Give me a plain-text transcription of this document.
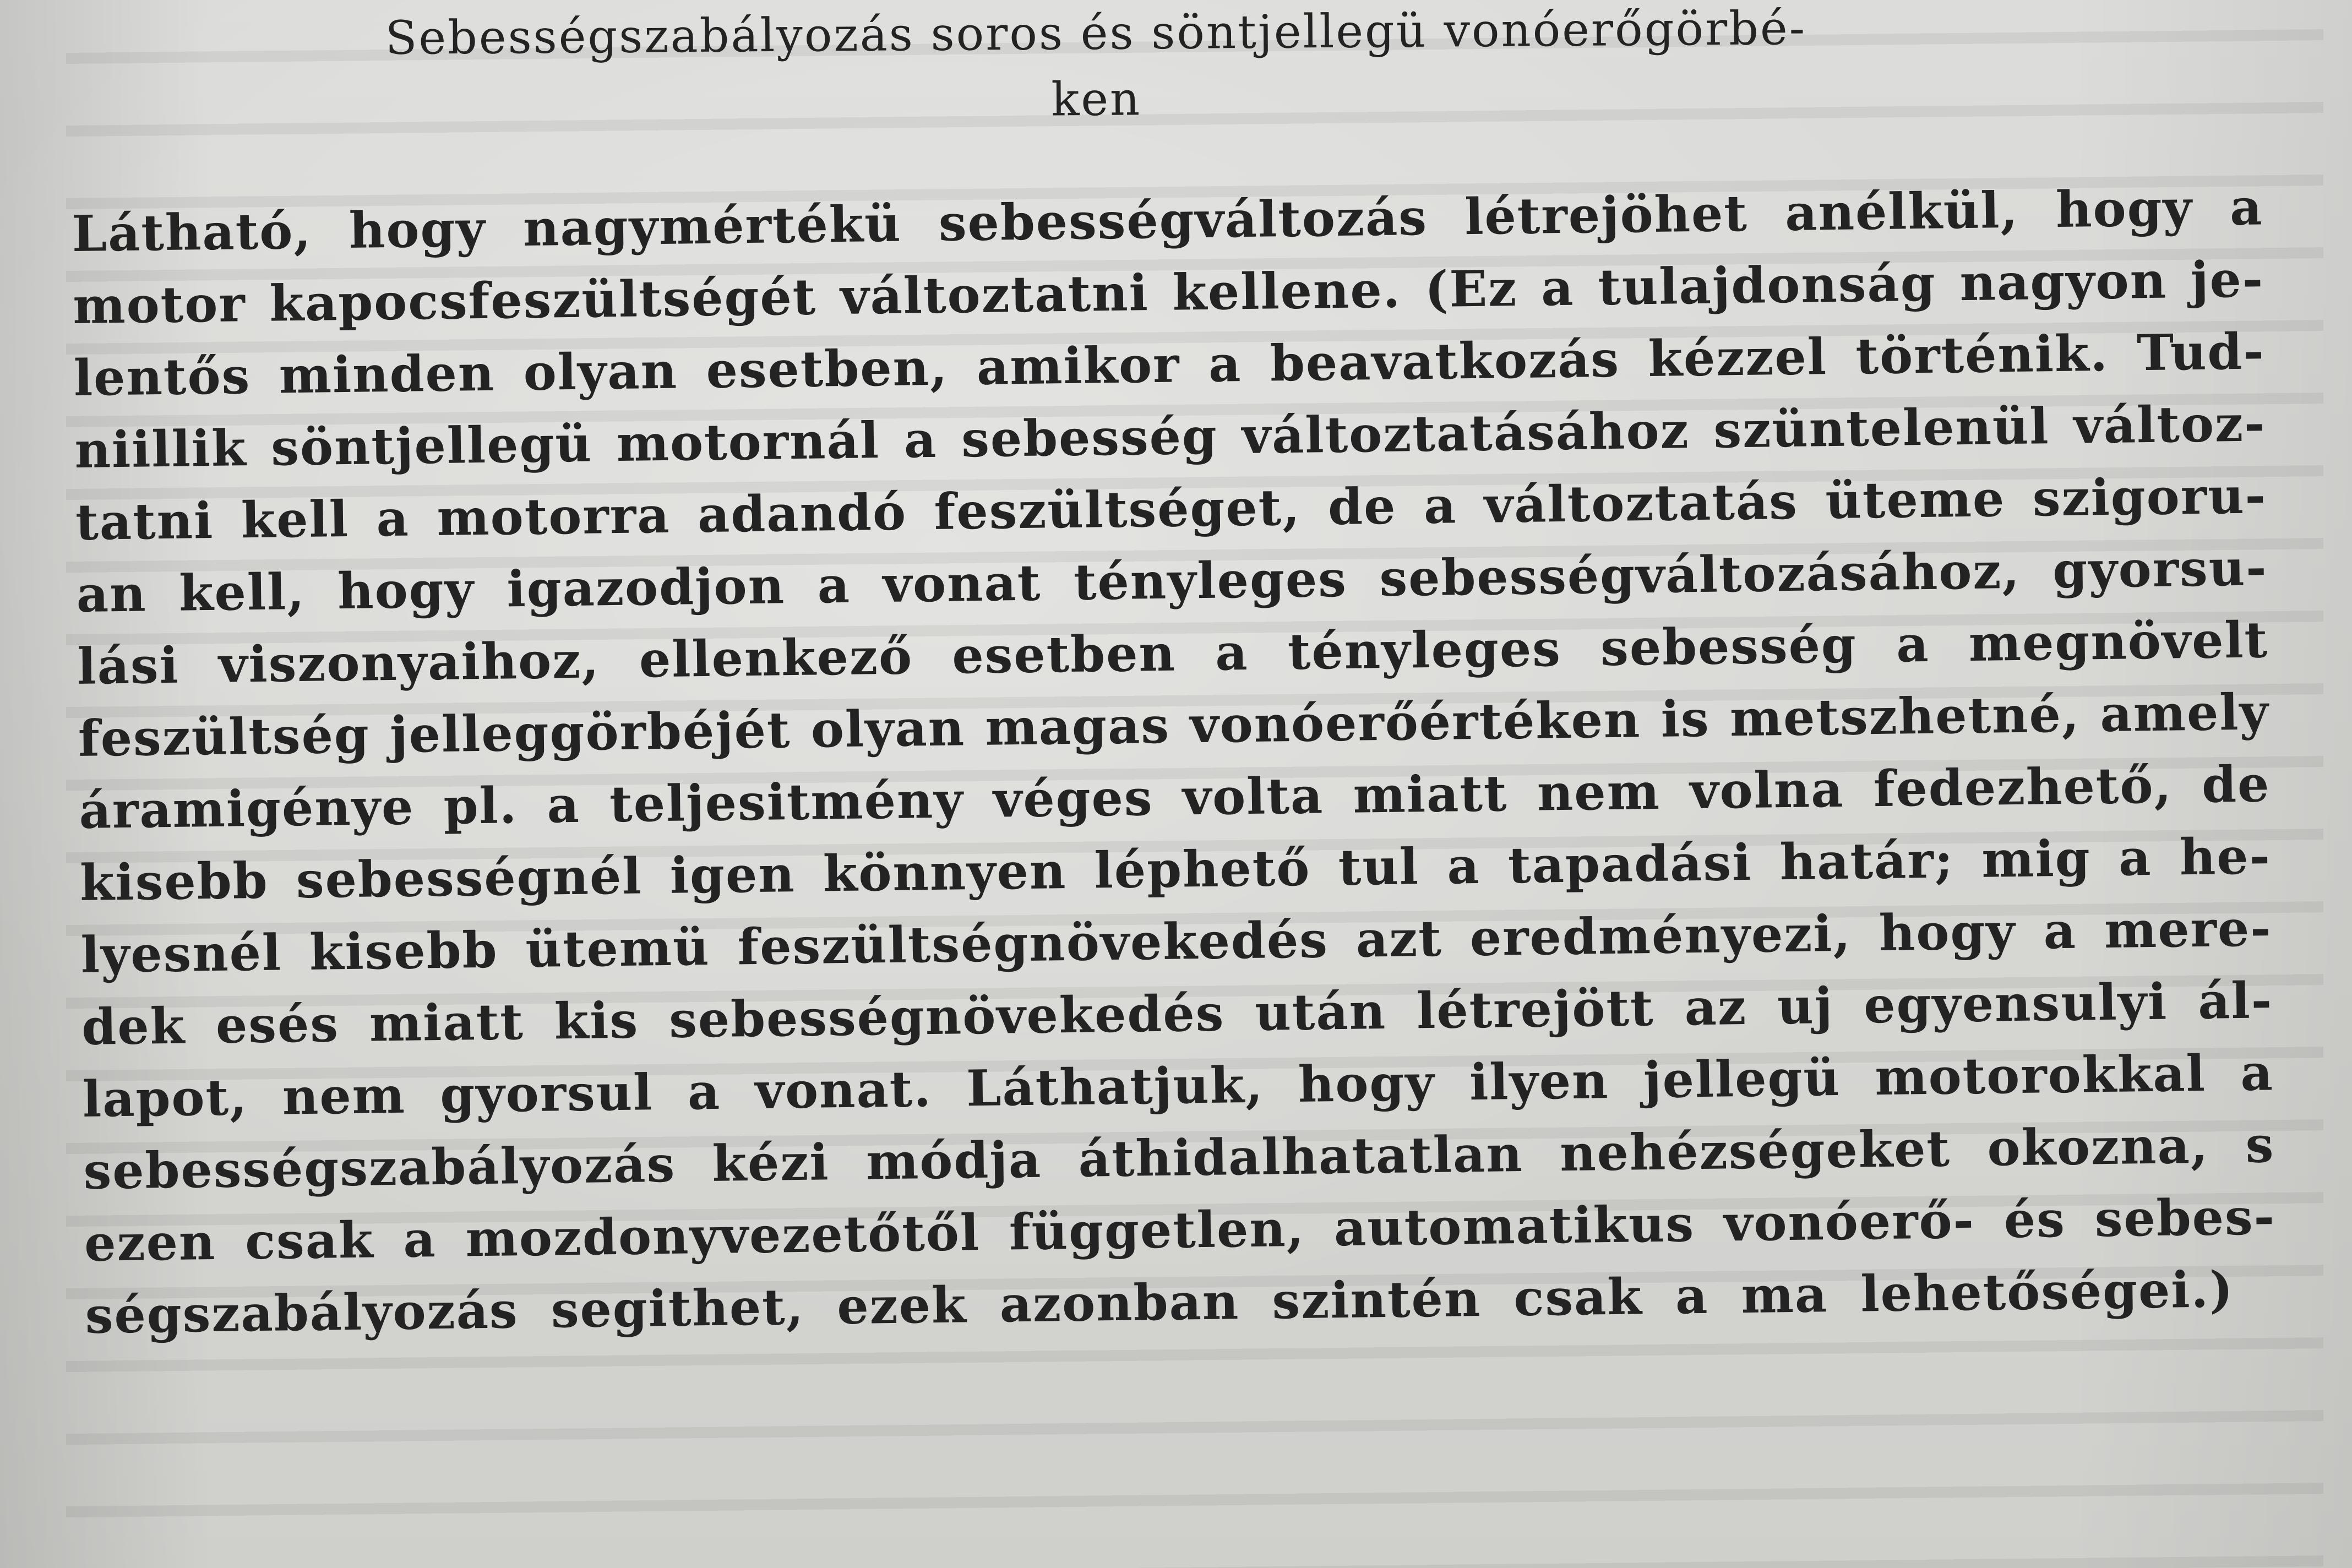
Sebességszabályozás soros és söntjellegü vonóerőgörbé-
ken
Látható, hogy nagymértékü sebességváltozás létrejöhet anélkül, hogy a
motor kapocsfeszültségét változtatni kellene. (Ez a tulajdonság nagyon je-
lentős minden olyan esetben, amikor a beavatkozás kézzel történik. Tud-
niillik söntjellegü motornál a sebesség változtatásához szüntelenül változ-
tatni kell a motorra adandó feszültséget, de a változtatás üteme szigoru-
an kell, hogy igazodjon a vonat tényleges sebességváltozásához, gyorsu-
lási viszonyaihoz, ellenkező esetben a tényleges sebesség a megnövelt
feszültség jelleggörbéjét olyan magas vonóerőértéken is metszhetné, amely
áramigénye pl. a teljesitmény véges volta miatt nem volna fedezhető, de
kisebb sebességnél igen könnyen léphető tul a tapadási határ; mig a he-
lyesnél kisebb ütemü feszültségnövekedés azt eredményezi, hogy a mere-
dek esés miatt kis sebességnövekedés után létrejött az uj egyensulyi ál-
lapot, nem gyorsul a vonat. Láthatjuk, hogy ilyen jellegü motorokkal a
sebességszabályozás kézi módja áthidalhatatlan nehézségeket okozna, s
ezen csak a mozdonyvezetőtől független, automatikus vonóerő- és sebes-
ségszabályozás segithet, ezek azonban szintén csak a ma lehetőségei.)
